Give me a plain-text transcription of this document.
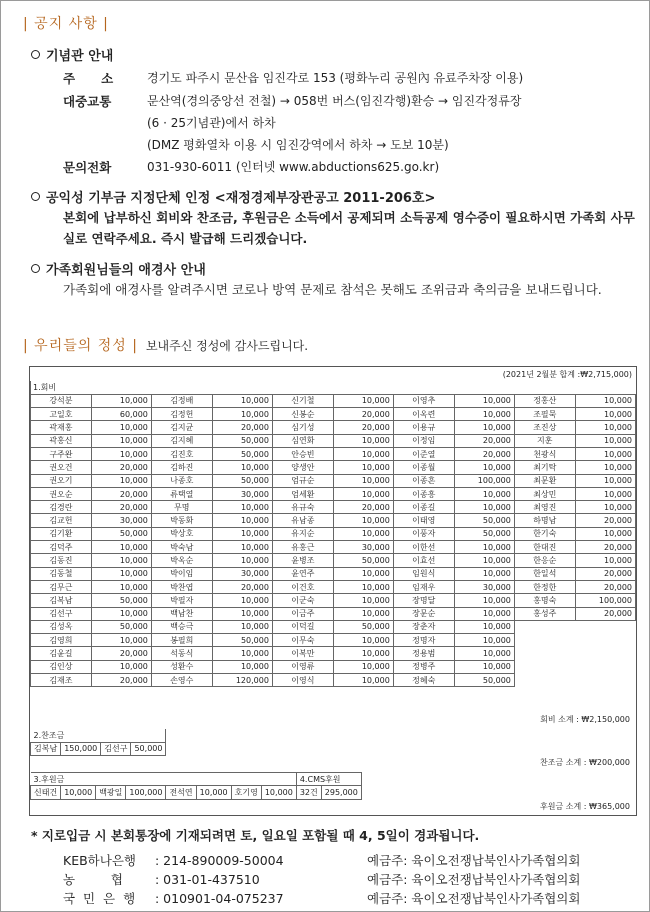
| 공지 사항 |
기념관 안내
주      소	경기도 파주시 문산읍 임진각로 153 (평화누리 공원內 유료주차장 이용)
대중교통	문산역(경의중앙선 전철) → 058번 버스(임진각행)환승 → 임진각정류장
(6 · 25기념관)에서 하차
(DMZ 평화열차 이용 시 임진강역에서 하차 → 도보 10분)
문의전화	031-930-6011 (인터넷 www.abductions625.go.kr)
공익성 기부금 지정단체 인정 <재정경제부장관공고 2011-206호>
본회에 납부하신 회비와 찬조금, 후원금은 소득에서 공제되며 소득공제 영수증이 필요하시면 가족회 사무실로 연락주세요. 즉시 발급해 드리겠습니다.
가족회원님들의 애경사 안내
가족회에 애경사를 알려주시면 코로나 방역 문제로 참석은 못해도 조위금과 축의금을 보내드립니다.
| 우리들의 정성 | 보내주신 정성에 감사드립니다.
(2021년 2월분 합계 :₩2,715,000)
1.회비									
강석분	10,000	김정배	10,000	신기철	10,000	이영추	10,000	정홍산	10,000
고일호	60,000	김정헌	10,000	신봉순	20,000	이옥련	10,000	조필묵	10,000
곽재홍	10,000	김지균	20,000	심기성	20,000	이용규	10,000	조진상	10,000
곽홍신	10,000	김지혜	50,000	심연화	10,000	이정임	20,000	지훈	10,000
구주완	10,000	김진호	50,000	안승빈	10,000	이준열	20,000	천광식	10,000
권오건	20,000	김하진	10,000	양생안	10,000	이종월	10,000	최기탁	10,000
권오기	10,000	나종호	50,000	엄규순	10,000	이종흔	100,000	최문환	10,000
권오순	20,000	류택열	30,000	엄세환	10,000	이종흥	10,000	최상민	10,000
김경란	20,000	무명	10,000	유규숙	20,000	이종길	10,000	최영진	10,000
김교헌	30,000	박동화	10,000	유남종	10,000	이태영	50,000	하명남	20,000
김기환	50,000	박상호	10,000	유지순	10,000	이풍자	50,000	한기숙	10,000
김덕주	10,000	박숙남	10,000	유홍근	30,000	이한선	10,000	한대진	20,000
김동진	10,000	박옥순	10,000	윤병조	50,000	이효선	10,000	한응순	10,000
김동철	10,000	박이임	30,000	윤연주	10,000	임원식	10,000	한일석	20,000
김무근	10,000	박찬엽	20,000	이건호	10,000	임재우	30,000	한정한	20,000
김복남	50,000	박필자	10,000	이군숙	10,000	장명달	10,000	홍명숙	100,000
김선구	10,000	백남찬	10,000	이금주	10,000	장문순	10,000	홍성주	20,000
김성옥	50,000	백승극	10,000	이덕길	50,000	장춘자	10,000		
김영희	10,000	봉필희	50,000	이무숙	10,000	정명자	10,000		
김윤길	20,000	석동식	10,000	이복만	10,000	정용범	10,000		
김인상	10,000	성환수	10,000	이영류	10,000	정병주	10,000		
김재조	20,000	손영수	120,000	이영식	10,000	정혜숙	50,000		
회비 소계 : ₩2,150,000
2.찬조금
김복남	150,000	김선구	50,000
찬조금 소계 : ₩200,000
3.후원금								4.CMS후원	
신태건	10,000	백광일	100,000	전석연	10,000	호기영	10,000	32건	295,000
후원금 소계 : ₩365,000
* 지로입금 시 본회통장에 기재되려면 토, 일요일 포함될 때 4, 5일이 경과됩니다.
KEB하나은행 : 214-890009-50004	예금주: 육이오전쟁납북인사가족협의회
농         협	: 031-01-437510	예금주: 육이오전쟁납북인사가족협의회
국  민  은  행 : 010901-04-075237	예금주: 육이오전쟁납북인사가족협의회
